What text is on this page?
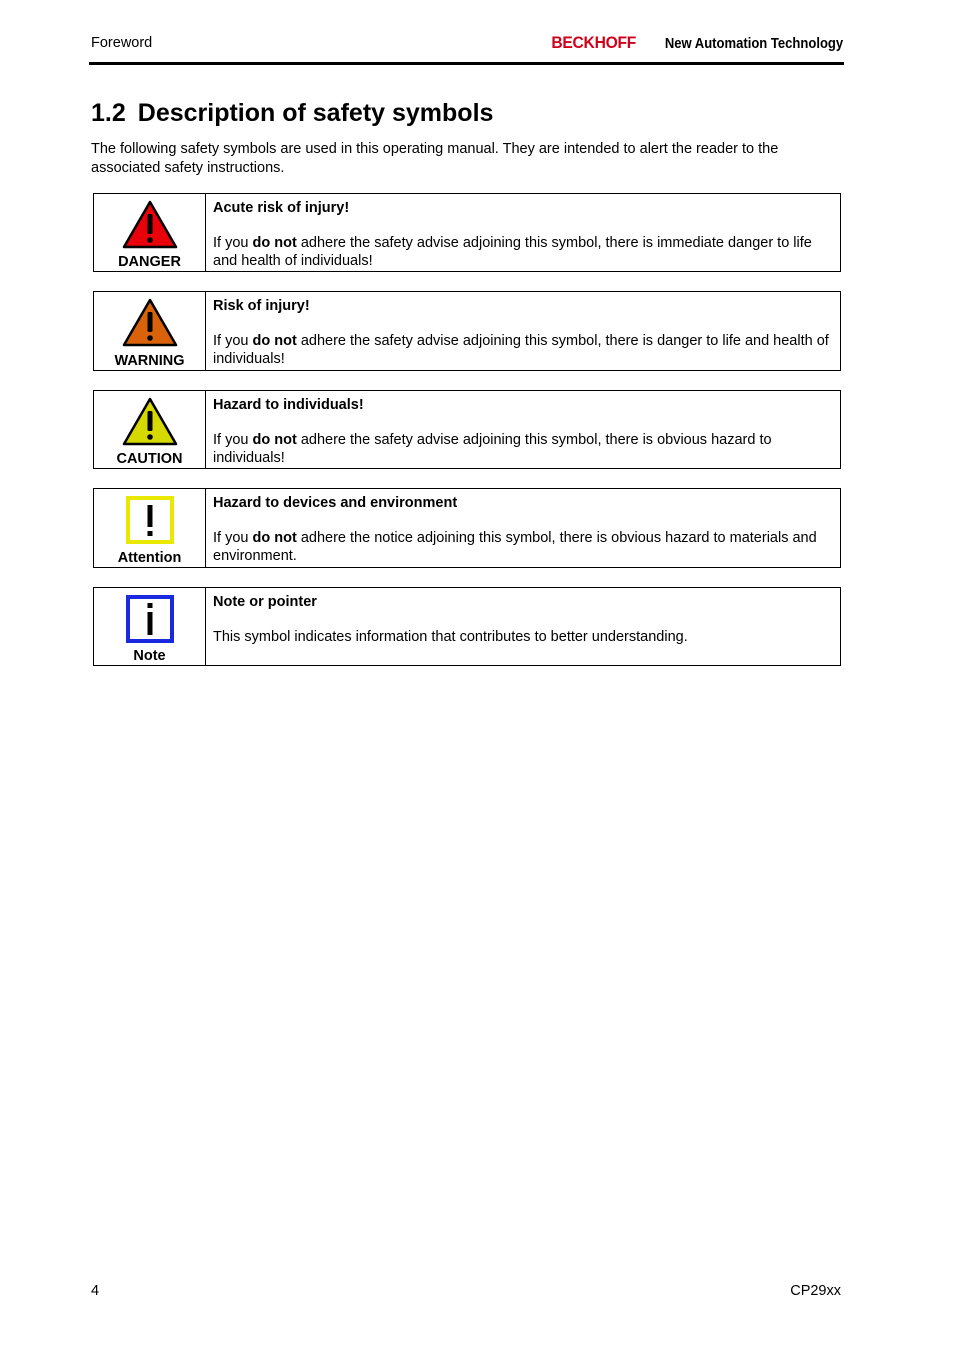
Foreword	BECKHOFF New Automation Technology
1.2 Description of safety symbols

The following safety symbols are used in this operating manual. They are intended to alert the reader to the associated safety instructions.

DANGER
Acute risk of injury!
If you do not adhere the safety advise adjoining this symbol, there is immediate danger to life and health of individuals!
WARNING
Risk of injury!
If you do not adhere the safety advise adjoining this symbol, there is danger to life and health of individuals!
CAUTION
Hazard to individuals!
If you do not adhere the safety advise adjoining this symbol, there is obvious hazard to individuals!
Attention
Hazard to devices and environment
If you do not adhere the notice adjoining this symbol, there is obvious hazard to materials and environment.
Note
Note or pointer
This symbol indicates information that contributes to better understanding.
4	CP29xx
